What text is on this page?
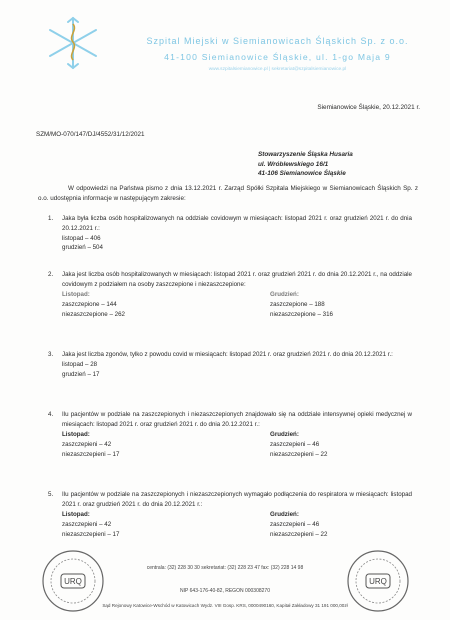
Szpital Miejski w Siemianowicach Śląskich Sp. z o.o.
41-100 Siemianowice Śląskie, ul. 1-go Maja 9
www.szpitalsiemianowice.pl | sekretariat@szpitalsiemianowice.pl
Siemianowice Śląskie, 20.12.2021 r.
SZM/MO-070/147/DJ/4552/31/12/2021
Stowarzyszenie Śląska Husaria
ul. Wróblewskiego 16/1
41-106 Siemianowice Śląskie
W odpowiedzi na Państwa pismo z dnia 13.12.2021 r. Zarząd Spółki Szpitala Miejskiego w Siemianowicach Śląskich Sp. z o.o. udostępnia informacje w następującym zakresie:
1. Jaka była liczba osób hospitalizowanych na oddziale covidowym w miesiącach: listopad 2021 r. oraz grudzień 2021 r. do dnia 20.12.2021 r.:
listopad – 406
grudzień – 504
2. Jaka jest liczba osób hospitalizowanych w miesiącach: listopad 2021 r. oraz grudzień 2021 r. do dnia 20.12.2021 r., na oddziale covidowym z podziałem na osoby zaszczepione i niezaszczepione:
Listopad:	Grudzień:
zaszczepione – 144	zaszczepione – 188
niezaszczepione – 262	niezaszczepione – 316
3. Jaka jest liczba zgonów, tylko z powodu covid w miesiącach: listopad 2021 r. oraz grudzień 2021 r. do dnia 20.12.2021 r.:
listopad – 28
grudzień – 17
4. Ilu pacjentów w podziale na zaszczepionych i niezaszczepionych znajdowało się na oddziale intensywnej opieki medycznej w miesiącach: listopad 2021 r. oraz grudzień 2021 r. do dnia 20.12.2021 r.:
Listopad:	Grudzień:
zaszczepieni – 42	zaszczepieni – 46
niezaszczepieni – 17	niezaszczepieni – 22
5. Ilu pacjentów w podziale na zaszczepionych i niezaszczepionych wymagało podłączenia do respiratora w miesiącach: listopad 2021 r. oraz grudzień 2021 r. do dnia 20.12.2021 r.:
Listopad:	Grudzień:
zaszczepieni – 42	zaszczepieni – 46
niezaszczepieni – 17	niezaszczepieni – 22
URQ	URQ
centrala: (32) 228 30 30 sekretariat: (32) 228 23 47 fax: (32) 228 14 98
NIP 643-176-40-82, REGON 000308270
Sąd Rejonowy Katowice-Wschód w Katowicach Wydz. VIII Gosp. KRS, 0000490160, Kapitał Zakładowy 31 191 000,00zł
